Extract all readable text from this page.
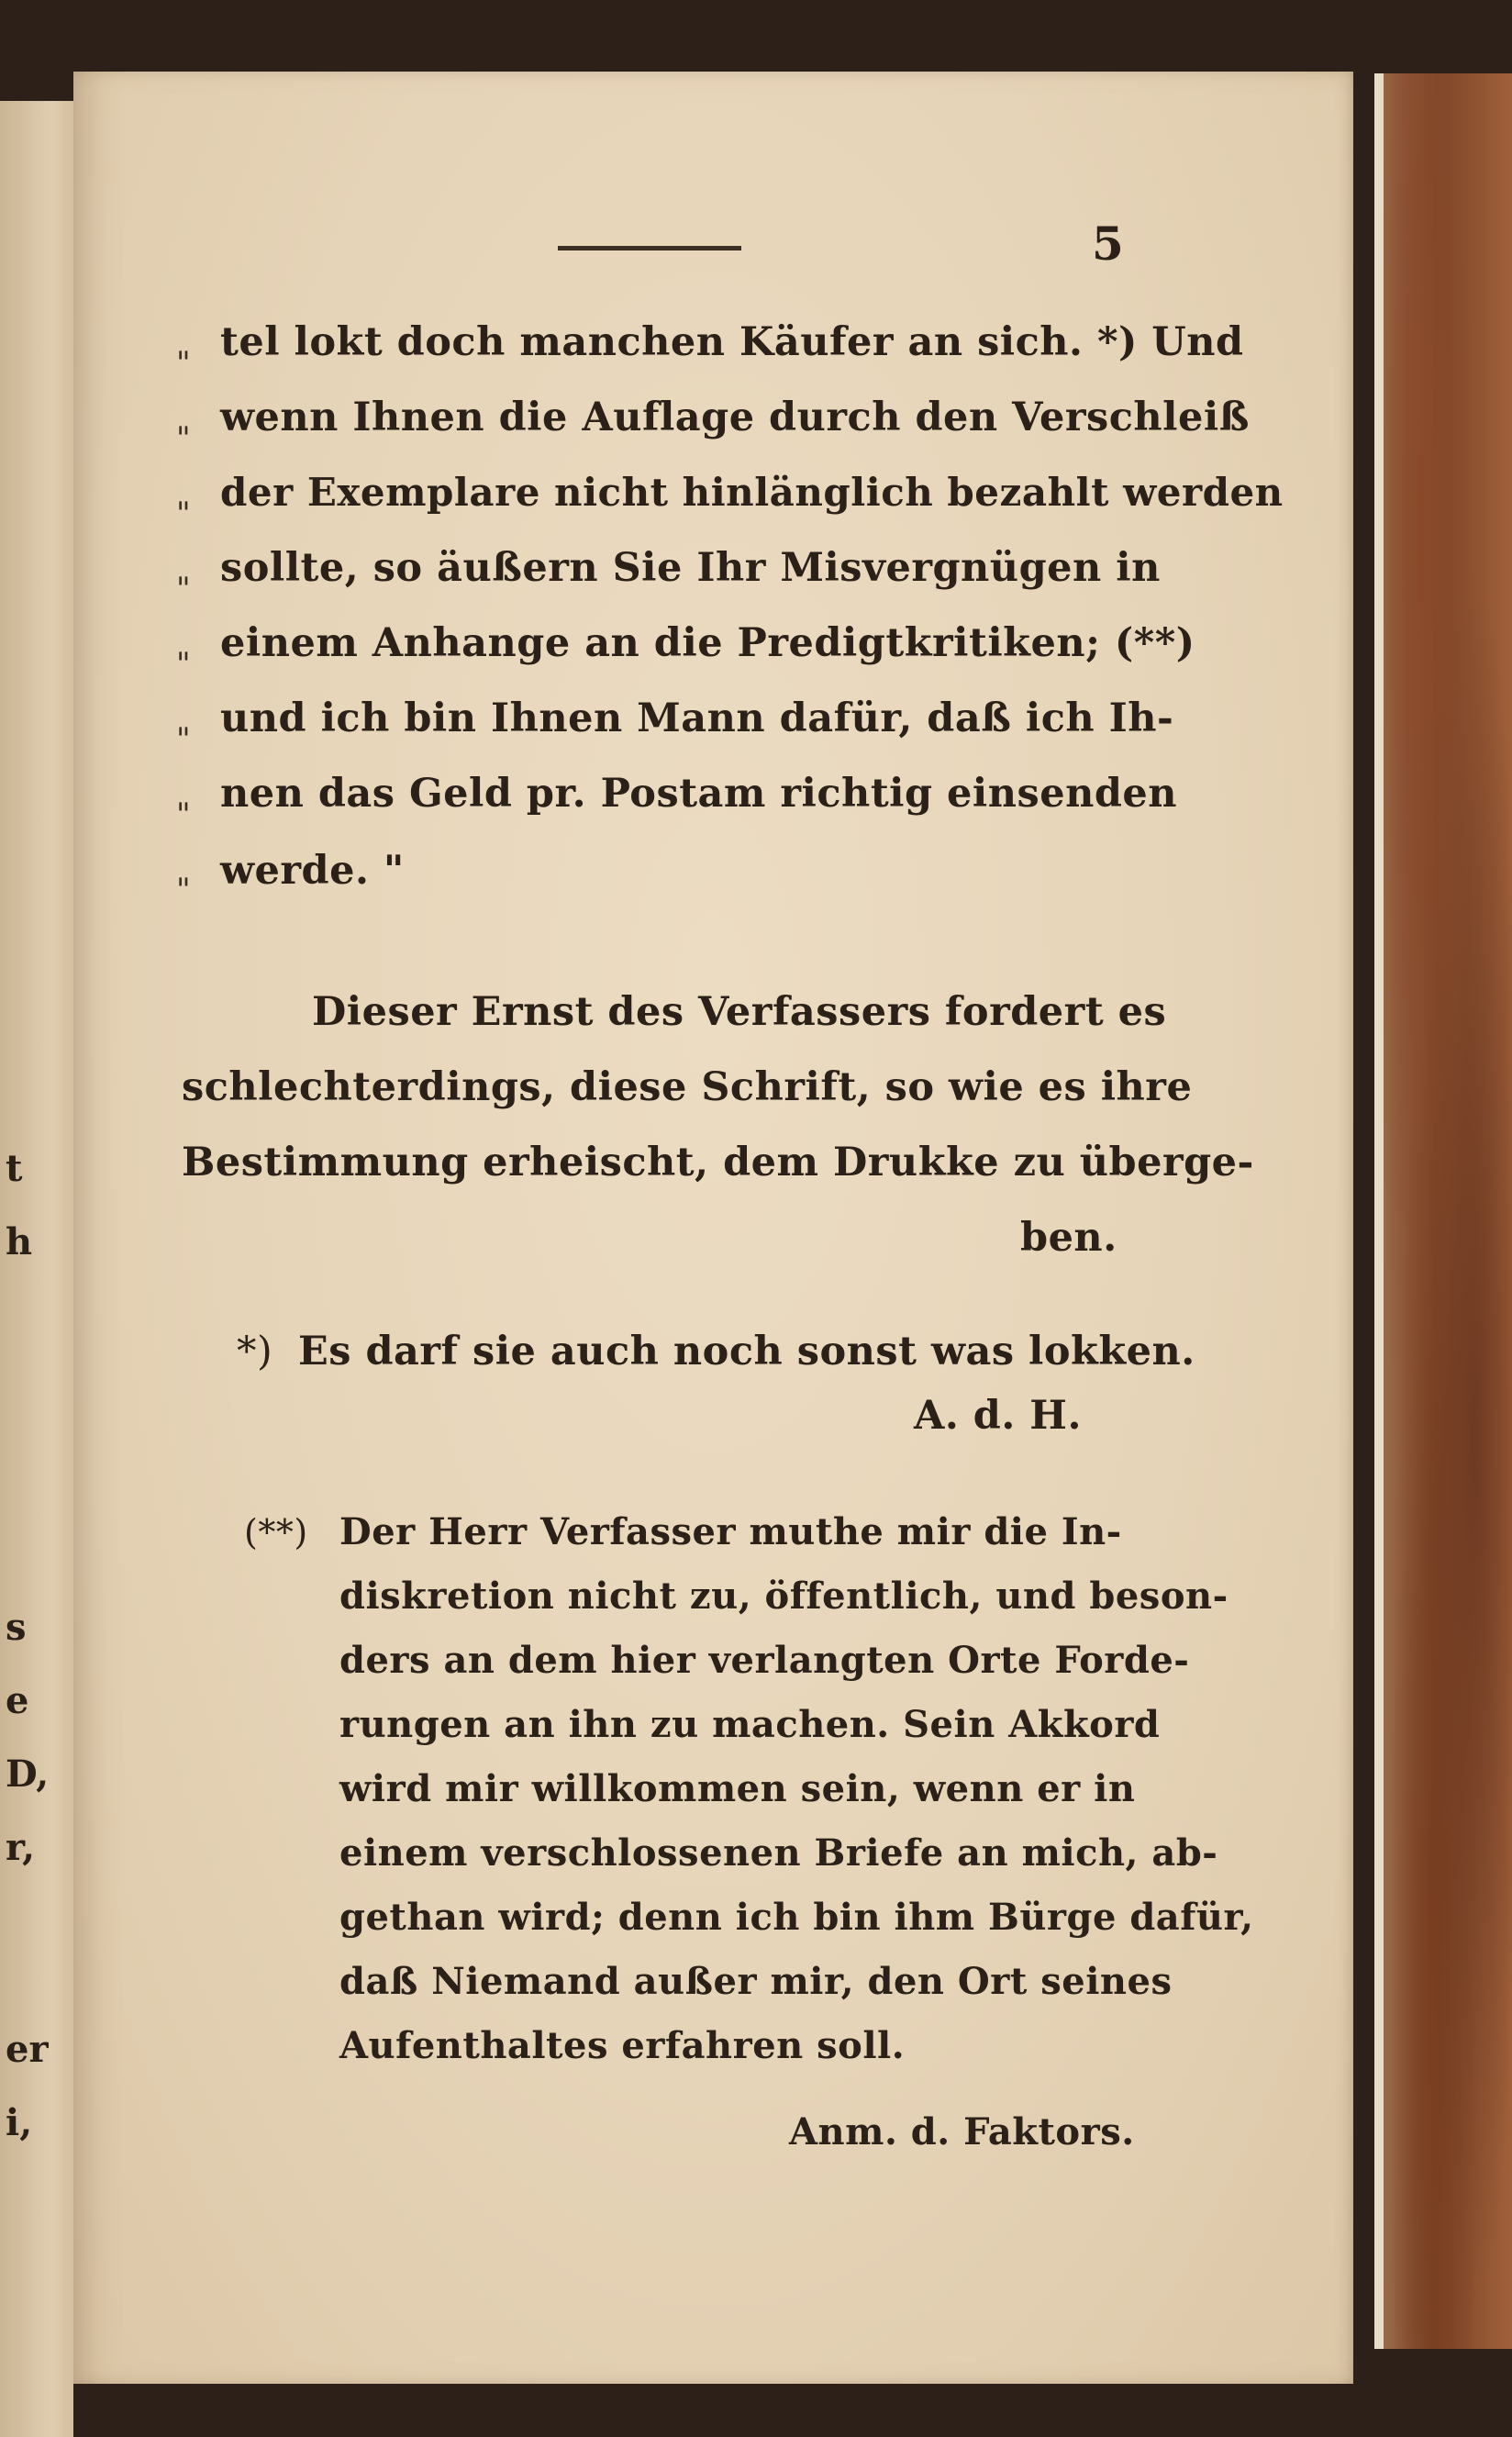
t
h
s
e
D,
r,
er
i,
5
"
"
"
"
"
"
"
"
tel lokt doch manchen Käufer an sich. *) Und
wenn Ihnen die Auflage durch den Verschleiß
der Exemplare nicht hinlänglich bezahlt werden
sollte, so äußern Sie Ihr Misvergnügen in
einem Anhange an die Predigtkritiken; (**)
und ich bin Ihnen Mann dafür, daß ich Ih-
nen das Geld pr. Postam richtig einsenden
werde. "
Dieser Ernst des Verfassers fordert es
schlechterdings, diese Schrift, so wie es ihre
Bestimmung erheischt, dem Drukke zu überge-
ben.
*) Es darf sie auch noch sonst was lokken.
A. d. H.
(**) Der Herr Verfasser muthe mir die In-
diskretion nicht zu, öffentlich, und beson-
ders an dem hier verlangten Orte Forde-
rungen an ihn zu machen. Sein Akkord
wird mir willkommen sein, wenn er in
einem verschlossenen Briefe an mich, ab-
gethan wird; denn ich bin ihm Bürge dafür,
daß Niemand außer mir, den Ort seines
Aufenthaltes erfahren soll.
Anm. d. Faktors.
